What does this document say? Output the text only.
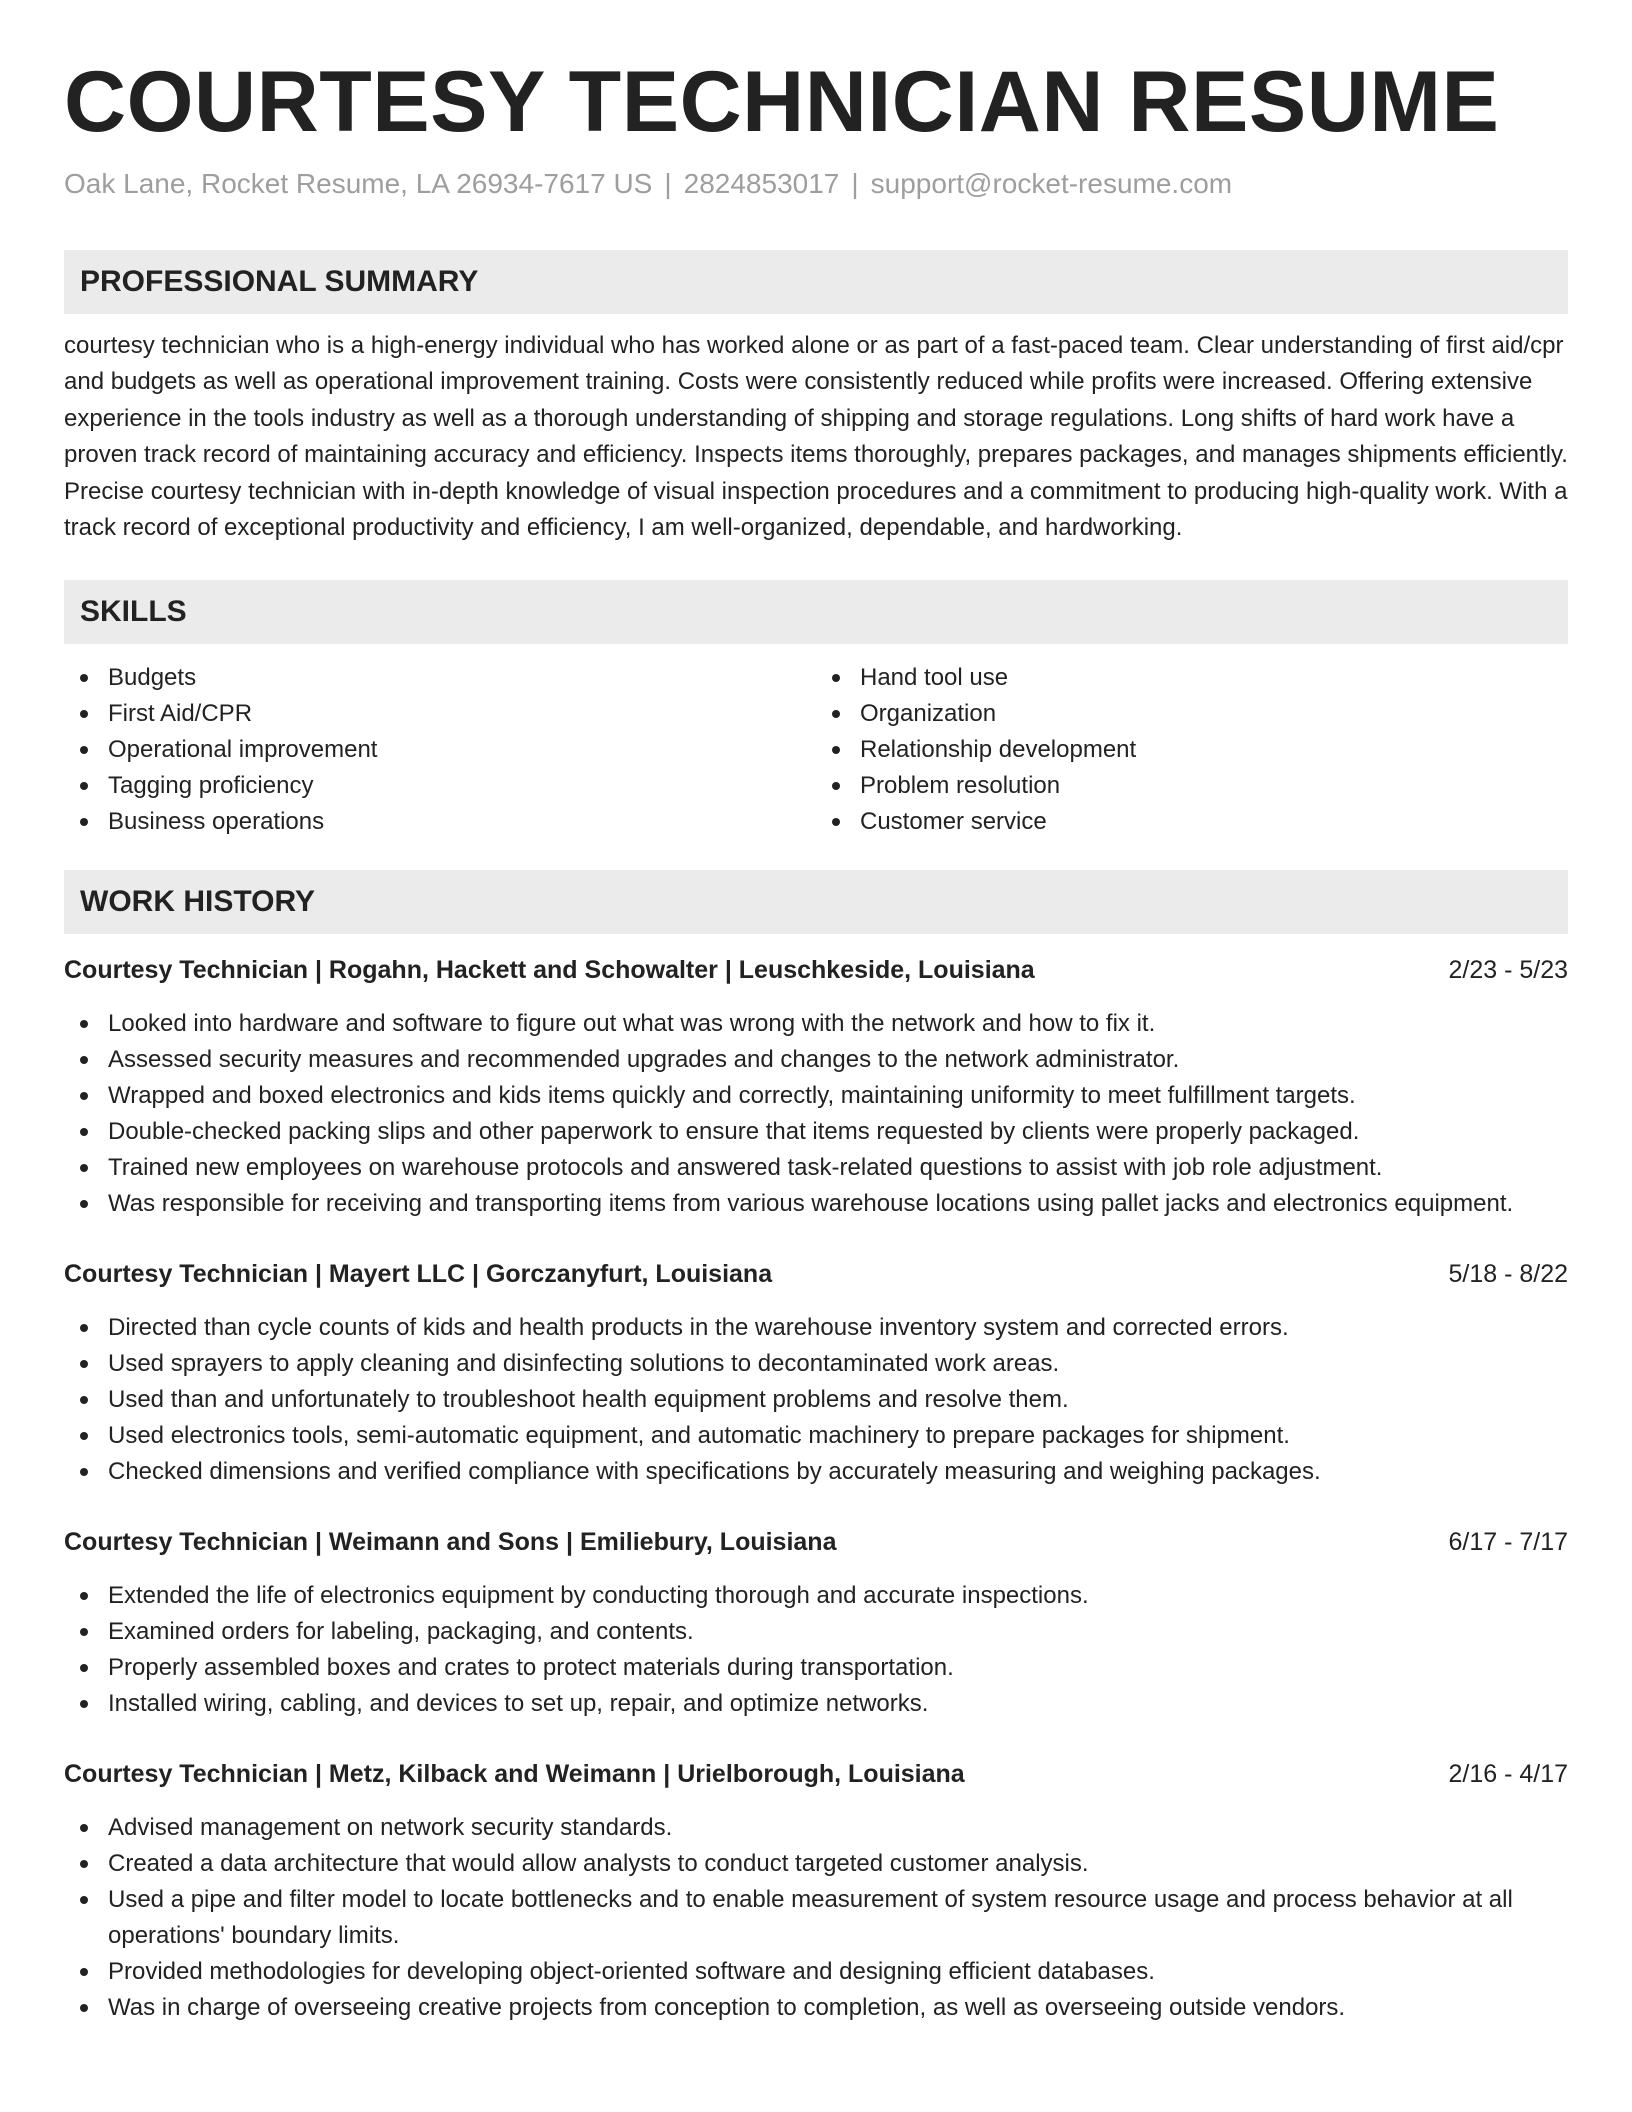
COURTESY TECHNICIAN RESUME
Oak Lane, Rocket Resume, LA 26934-7617 US | 2824853017 | support@rocket-resume.com
PROFESSIONAL SUMMARY
courtesy technician who is a high-energy individual who has worked alone or as part of a fast-paced team. Clear understanding of first aid/cpr and budgets as well as operational improvement training. Costs were consistently reduced while profits were increased. Offering extensive experience in the tools industry as well as a thorough understanding of shipping and storage regulations. Long shifts of hard work have a proven track record of maintaining accuracy and efficiency. Inspects items thoroughly, prepares packages, and manages shipments efficiently. Precise courtesy technician with in-depth knowledge of visual inspection procedures and a commitment to producing high-quality work. With a track record of exceptional productivity and efficiency, I am well-organized, dependable, and hardworking.
SKILLS
Budgets
First Aid/CPR
Operational improvement
Tagging proficiency
Business operations
Hand tool use
Organization
Relationship development
Problem resolution
Customer service
WORK HISTORY
Courtesy Technician | Rogahn, Hackett and Schowalter | Leuschkeside, Louisiana	2/23 - 5/23
Looked into hardware and software to figure out what was wrong with the network and how to fix it.
Assessed security measures and recommended upgrades and changes to the network administrator.
Wrapped and boxed electronics and kids items quickly and correctly, maintaining uniformity to meet fulfillment targets.
Double-checked packing slips and other paperwork to ensure that items requested by clients were properly packaged.
Trained new employees on warehouse protocols and answered task-related questions to assist with job role adjustment.
Was responsible for receiving and transporting items from various warehouse locations using pallet jacks and electronics equipment.
Courtesy Technician | Mayert LLC | Gorczanyfurt, Louisiana	5/18 - 8/22
Directed than cycle counts of kids and health products in the warehouse inventory system and corrected errors.
Used sprayers to apply cleaning and disinfecting solutions to decontaminated work areas.
Used than and unfortunately to troubleshoot health equipment problems and resolve them.
Used electronics tools, semi-automatic equipment, and automatic machinery to prepare packages for shipment.
Checked dimensions and verified compliance with specifications by accurately measuring and weighing packages.
Courtesy Technician | Weimann and Sons | Emiliebury, Louisiana	6/17 - 7/17
Extended the life of electronics equipment by conducting thorough and accurate inspections.
Examined orders for labeling, packaging, and contents.
Properly assembled boxes and crates to protect materials during transportation.
Installed wiring, cabling, and devices to set up, repair, and optimize networks.
Courtesy Technician | Metz, Kilback and Weimann | Urielborough, Louisiana	2/16 - 4/17
Advised management on network security standards.
Created a data architecture that would allow analysts to conduct targeted customer analysis.
Used a pipe and filter model to locate bottlenecks and to enable measurement of system resource usage and process behavior at all operations' boundary limits.
Provided methodologies for developing object-oriented software and designing efficient databases.
Was in charge of overseeing creative projects from conception to completion, as well as overseeing outside vendors.
